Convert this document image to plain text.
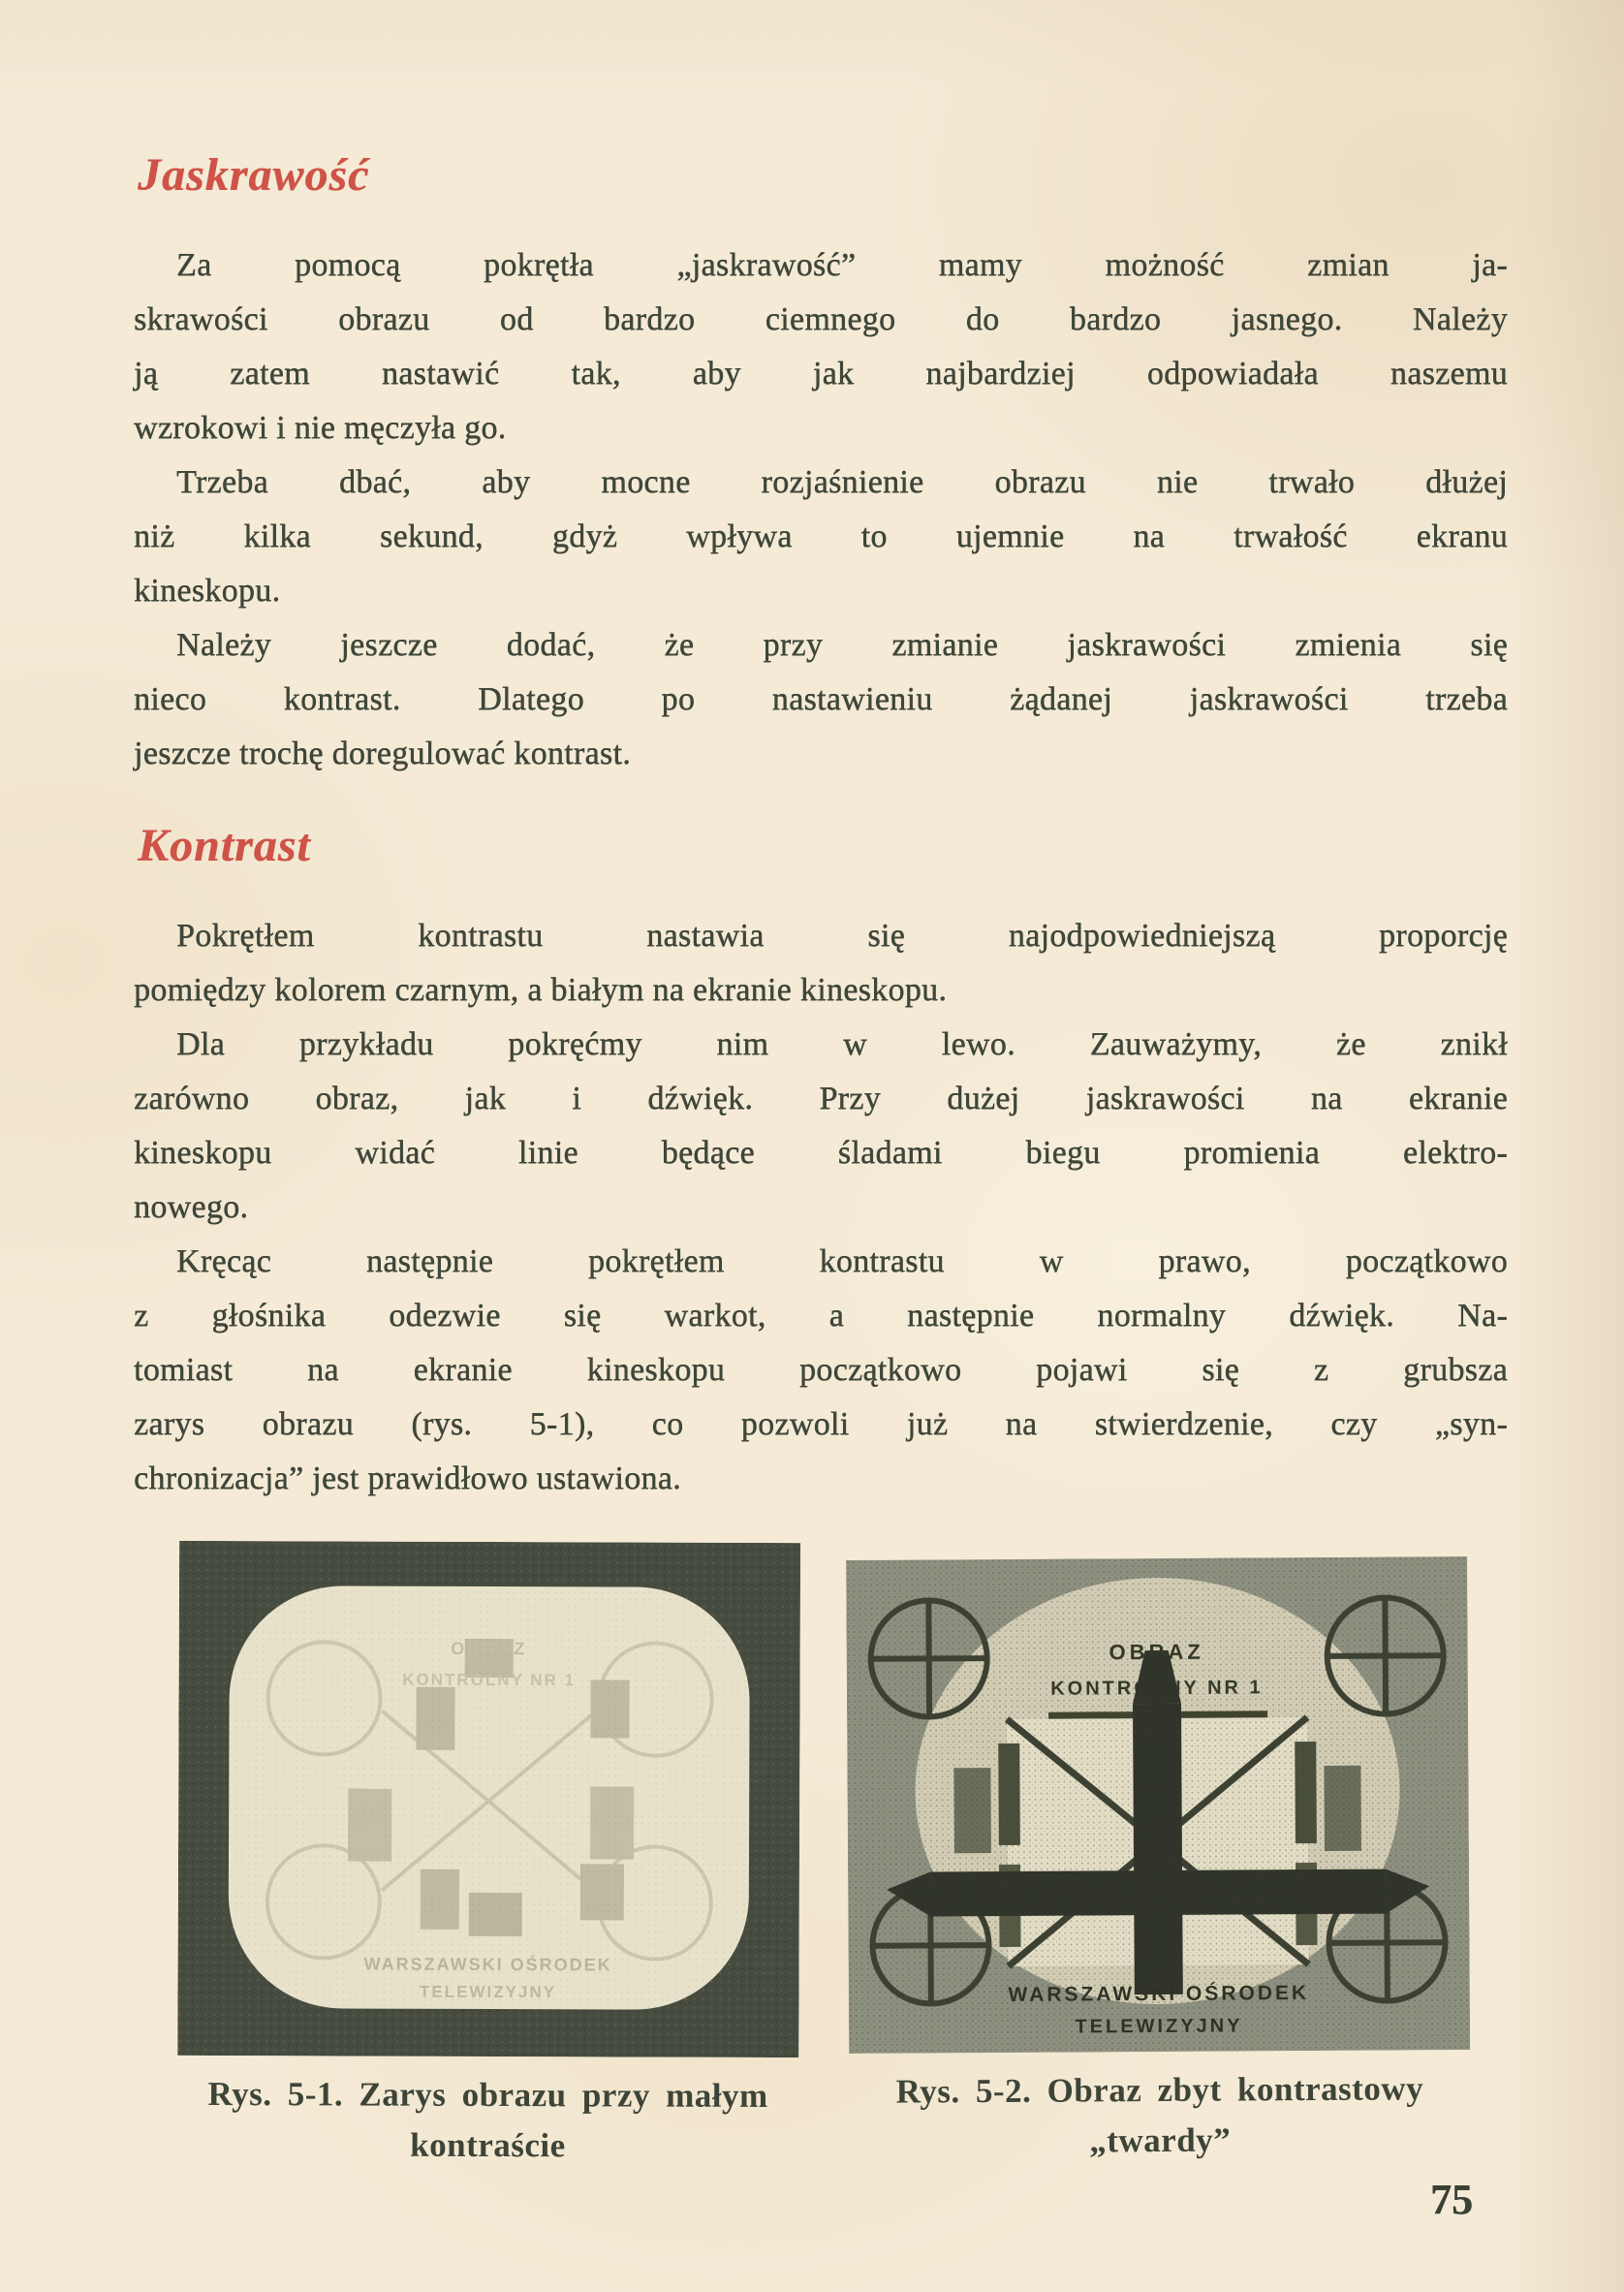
Jaskrawość
Za pomocą pokrętła „jaskrawość” mamy możność zmian ja-
skrawości obrazu od bardzo ciemnego do bardzo jasnego. Należy
ją zatem nastawić tak, aby jak najbardziej odpowiadała naszemu
wzrokowi i nie męczyła go.
Trzeba dbać, aby mocne rozjaśnienie obrazu nie trwało dłużej
niż kilka sekund, gdyż wpływa to ujemnie na trwałość ekranu
kineskopu.
Należy jeszcze dodać, że przy zmianie jaskrawości zmienia się
nieco kontrast. Dlatego po nastawieniu żądanej jaskrawości trzeba
jeszcze trochę doregulować kontrast.
Kontrast
Pokrętłem kontrastu nastawia się najodpowiedniejszą proporcję
pomiędzy kolorem czarnym, a białym na ekranie kineskopu.
Dla przykładu pokręćmy nim w lewo. Zauważymy, że znikł
zarówno obraz, jak i dźwięk. Przy dużej jaskrawości na ekranie
kineskopu widać linie będące śladami biegu promienia elektro-
nowego.
Kręcąc następnie pokrętłem kontrastu w prawo, początkowo
z głośnika odezwie się warkot, a następnie normalny dźwięk. Na-
tomiast na ekranie kineskopu początkowo pojawi się z grubsza
zarys obrazu (rys. 5-1), co pozwoli już na stwierdzenie, czy „syn-
chronizacja” jest prawidłowo ustawiona.
Rys. 5-1. Zarys obrazu przy małym
kontraście
Rys. 5-2. Obraz zbyt kontrastowy
„twardy”
75
